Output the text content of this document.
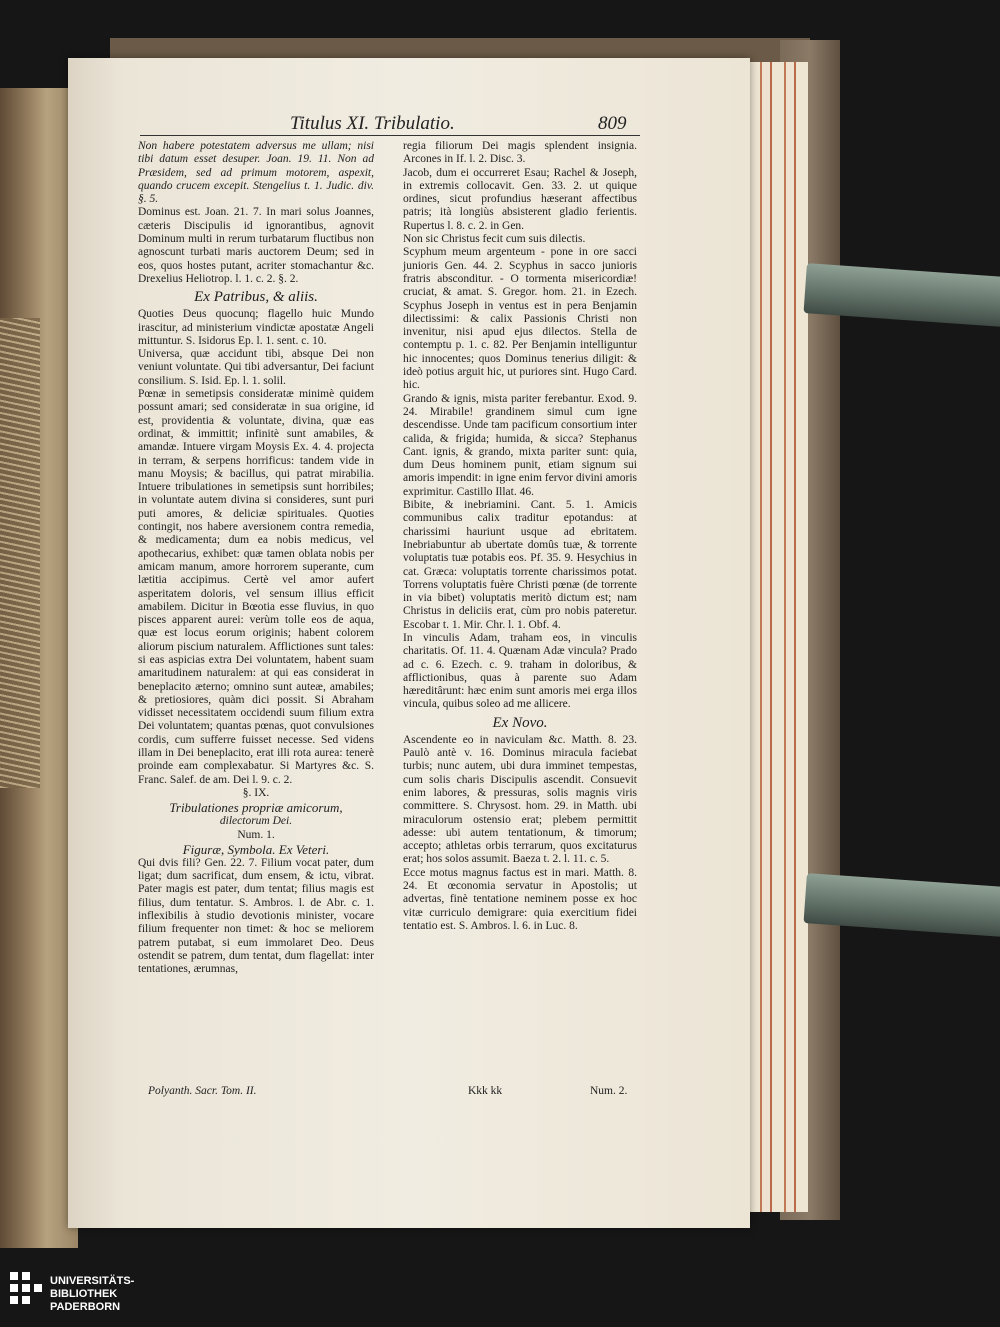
Titulus XI. Tribulatio.	809

Non habere potestatem adversus me ullam; nisi tibi datum esset desuper. Joan. 19. 11. Non ad Præsidem, sed ad primum motorem, aspexit, quando crucem excepit. Stengelius t. 1. Judic. div. §. 5.

Dominus est. Joan. 21. 7. In mari solus Joannes, cæteris Discipulis id ignorantibus, agnovit Dominum multi in rerum turbatarum fluctibus non agnoscunt turbati maris auctorem Deum; sed in eos, quos hostes putant, acriter stomachantur &c. Drexelius Heliotrop. l. 1. c. 2. §. 2.

Ex Patribus, & aliis.

Quoties Deus quocunq; flagello huic Mundo irascitur, ad ministerium vindictæ apostatæ Angeli mittuntur. S. Isidorus Ep. l. 1. sent. c. 10.

Universa, quæ accidunt tibi, absque Dei non veniunt voluntate. Qui tibi adversantur, Dei faciunt consilium. S. Isid. Ep. l. 1. solil.

Pœnæ in semetipsis consideratæ minimè quidem possunt amari; sed consideratæ in sua origine, id est, providentia & voluntate, divina, quæ eas ordinat, & immittit; infinitè sunt amabiles, & amandæ. Intuere virgam Moysis Ex. 4. 4. projecta in terram, & serpens horrificus: tandem vide in manu Moysis; & bacillus, qui patrat mirabilia. Intuere tribulationes in semetipsis sunt horribiles; in voluntate autem divina si consideres, sunt puri puti amores, & deliciæ spirituales. Quoties contingit, nos habere aversionem contra remedia, & medicamenta; dum ea nobis medicus, vel apothecarius, exhibet: quæ tamen oblata nobis per amicam manum, amore horrorem superante, cum lætitia accipimus. Certè vel amor aufert asperitatem doloris, vel sensum illius efficit amabilem. Dicitur in Bœotia esse fluvius, in quo pisces apparent aurei: verùm tolle eos de aqua, quæ est locus eorum originis; habent colorem aliorum piscium naturalem. Afflictiones sunt tales: si eas aspicias extra Dei voluntatem, habent suam amaritudinem naturalem: at qui eas considerat in beneplacito æterno; omnino sunt auteæ, amabiles; & pretiosiores, quàm dici possit. Si Abraham vidisset necessitatem occidendi suum filium extra Dei voluntatem; quantas pœnas, quot convulsiones cordis, cum sufferre fuisset necesse. Sed videns illam in Dei beneplacito, erat illi rota aurea: tenerè proinde eam complexabatur. Si Martyres &c. S. Franc. Salef. de am. Dei l. 9. c. 2.

§. IX.

Tribulationes propriæ amicorum,

dilectorum Dei.

Num. 1.

Figuræ, Symbola. Ex Veteri.

Qui dvis fili? Gen. 22. 7. Filium vocat pater, dum ligat; dum sacrificat, dum ensem, & ictu, vibrat. Pater magis est pater, dum tentat; filius magis est filius, dum tentatur. S. Ambros. l. de Abr. c. 1. inflexibilis à studio devotionis minister, vocare filium frequenter non timet: & hoc se meliorem patrem putabat, si eum immolaret Deo. Deus ostendit se patrem, dum tentat, dum flagellat: inter tentationes, ærumnas,

regia filiorum Dei magis splendent insignia. Arcones in If. l. 2. Disc. 3.

Jacob, dum ei occurreret Esau; Rachel & Joseph, in extremis collocavit. Gen. 33. 2. ut quique ordines, sicut profundius hæserant affectibus patris; ità longiùs absisterent gladio ferientis. Rupertus l. 8. c. 2. in Gen.

Non sic Christus fecit cum suis dilectis.

Scyphum meum argenteum - pone in ore sacci junioris Gen. 44. 2. Scyphus in sacco junioris fratris absconditur. - O tormenta misericordiæ! cruciat, & amat. S. Gregor. hom. 21. in Ezech. Scyphus Joseph in ventus est in pera Benjamin dilectissimi: & calix Passionis Christi non invenitur, nisi apud ejus dilectos. Stella de contemptu p. 1. c. 82. Per Benjamin intelliguntur hic innocentes; quos Dominus tenerius diligit: & ideò potius arguit hic, ut puriores sint. Hugo Card. hic.

Grando & ignis, mista pariter ferebantur. Exod. 9. 24. Mirabile! grandinem simul cum igne descendisse. Unde tam pacificum consortium inter calida, & frigida; humida, & sicca? Stephanus Cant. ignis, & grando, mixta pariter sunt: quia, dum Deus hominem punit, etiam signum sui amoris impendit: in igne enim fervor divini amoris exprimitur. Castillo Illat. 46.

Bibite, & inebriamini. Cant. 5. 1. Amicis communibus calix traditur epotandus: at charissimi hauriunt usque ad ebritatem. Inebriabuntur ab ubertate domûs tuæ, & torrente voluptatis tuæ potabis eos. Pf. 35. 9. Hesychius in cat. Græca: voluptatis torrente charissimos potat. Torrens voluptatis fuère Christi pœnæ (de torrente in via bibet) voluptatis meritò dictum est; nam Christus in deliciis erat, cùm pro nobis pateretur. Escobar t. 1. Mir. Chr. l. 1. Obf. 4.

In vinculis Adam, traham eos, in vinculis charitatis. Of. 11. 4. Quænam Adæ vincula? Prado ad c. 6. Ezech. c. 9. traham in doloribus, & afflictionibus, quas à parente suo Adam hæreditârunt: hæc enim sunt amoris mei erga illos vincula, quibus soleo ad me allicere.

Ex Novo.

Ascendente eo in naviculam &c. Matth. 8. 23. Paulò antè v. 16. Dominus miracula faciebat turbis; nunc autem, ubi dura imminet tempestas, cum solis charis Discipulis ascendit. Consuevit enim labores, & pressuras, solis magnis viris committere. S. Chrysost. hom. 29. in Matth. ubi miraculorum ostensio erat; plebem permittit adesse: ubi autem tentationum, & timorum; accepto; athletas orbis terrarum, quos excitaturus erat; hos solos assumit. Baeza t. 2. l. 11. c. 5.

Ecce motus magnus factus est in mari. Matth. 8. 24. Et œconomia servatur in Apostolis; ut advertas, finè tentatione neminem posse ex hoc vitæ curriculo demigrare: quia exercitium fidei tentatio est. S. Ambros. l. 6. in Luc. 8.

Polyanth. Sacr. Tom. II.	Kkk kk	Num. 2.
UNIVERSITÄTS-
BIBLIOTHEK
PADERBORN
